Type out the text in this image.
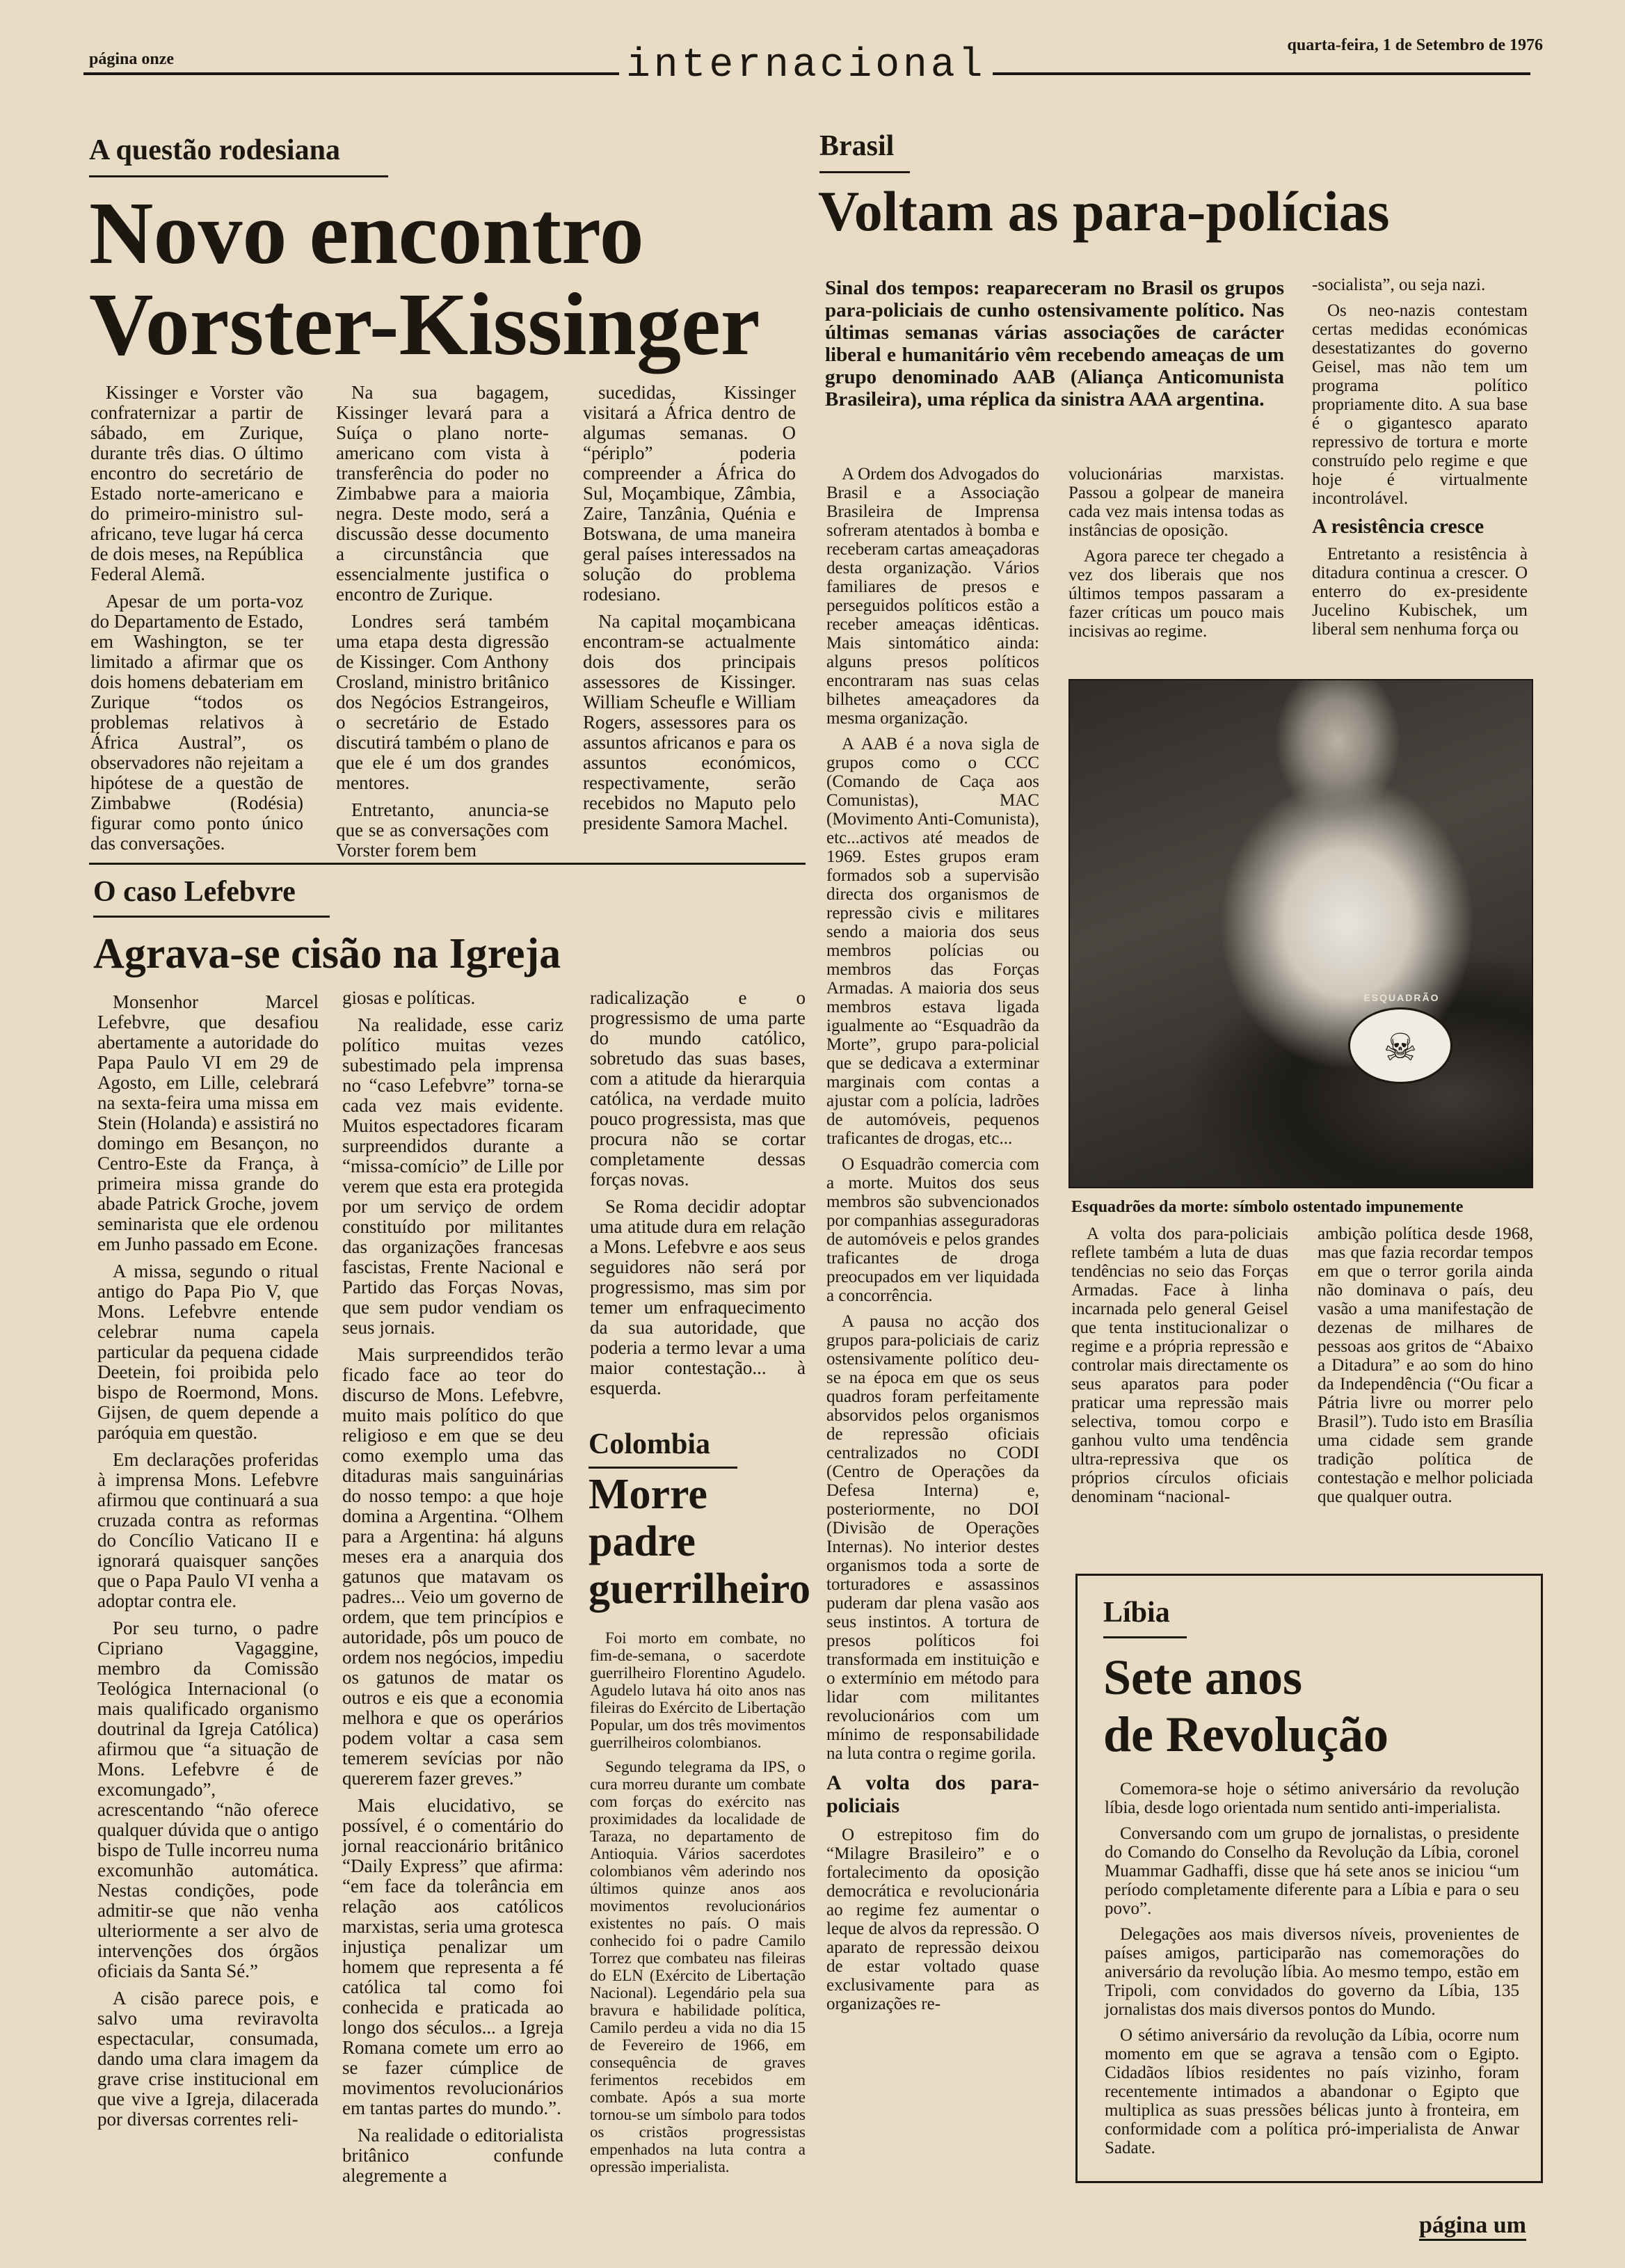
página onze	internacional	quarta-feira, 1 de Setembro de 1976
A questão rodesiana
Novo encontro
Vorster-Kissinger

Kissinger e Vorster vão confraternizar a partir de sábado, em Zurique, durante três dias. O último encontro do secretário de Estado norte-americano e do primeiro-ministro sul-africano, teve lugar há cerca de dois meses, na República Federal Alemã.

Apesar de um porta-voz do Departamento de Estado, em Washington, se ter limitado a afirmar que os dois homens debateriam em Zurique “todos os problemas relativos à África Austral”, os observadores não rejeitam a hipótese de a questão de Zimbabwe (Rodésia) figurar como ponto único das conversações.

Na sua bagagem, Kissinger levará para a Suíça o plano norte-americano com vista à transferência do poder no Zimbabwe para a maioria negra. Deste modo, será a discussão desse documento a circunstância que essencialmente justifica o encontro de Zurique.

Londres será também uma etapa desta digressão de Kissinger. Com Anthony Crosland, ministro britânico dos Negócios Estrangeiros, o secretário de Estado discutirá também o plano de que ele é um dos grandes mentores.

Entretanto, anuncia-se que se as conversações com Vorster forem bem

sucedidas, Kissinger visitará a África dentro de algumas semanas. O “périplo” poderia compreender a África do Sul, Moçambique, Zâmbia, Zaire, Tanzânia, Quénia e Botswana, de uma maneira geral países interessados na solução do problema rodesiano.

Na capital moçambicana encontram-se actualmente dois dos principais assessores de Kissinger. William Scheufle e William Rogers, assessores para os assuntos africanos e para os assuntos económicos, respectivamente, serão recebidos no Maputo pelo presidente Samora Machel.

O caso Lefebvre
Agrava-se cisão na Igreja

Monsenhor Marcel Lefebvre, que desafiou abertamente a autoridade do Papa Paulo VI em 29 de Agosto, em Lille, celebrará na sexta-feira uma missa em Stein (Holanda) e assistirá no domingo em Besançon, no Centro-Este da França, à primeira missa grande do abade Patrick Groche, jovem seminarista que ele ordenou em Junho passado em Econe.

A missa, segundo o ritual antigo do Papa Pio V, que Mons. Lefebvre entende celebrar numa capela particular da pequena cidade Deetein, foi proibida pelo bispo de Roermond, Mons. Gijsen, de quem depende a paróquia em questão.

Em declarações proferidas à imprensa Mons. Lefebvre afirmou que continuará a sua cruzada contra as reformas do Concílio Vaticano II e ignorará quaisquer sanções que o Papa Paulo VI venha a adoptar contra ele.

Por seu turno, o padre Cipriano Vagaggine, membro da Comissão Teológica Internacional (o mais qualificado organismo doutrinal da Igreja Católica) afirmou que “a situação de Mons. Lefebvre é de excomungado”, acrescentando “não oferece qualquer dúvida que o antigo bispo de Tulle incorreu numa excomunhão automática. Nestas condições, pode admitir-se que não venha ulteriormente a ser alvo de intervenções dos órgãos oficiais da Santa Sé.”

A cisão parece pois, e salvo uma reviravolta espectacular, consumada, dando uma clara imagem da grave crise institucional em que vive a Igreja, dilacerada por diversas correntes reli-

giosas e políticas.

Na realidade, esse cariz político muitas vezes subestimado pela imprensa no “caso Lefebvre” torna-se cada vez mais evidente. Muitos espectadores ficaram surpreendidos durante a “missa-comício” de Lille por verem que esta era protegida por um serviço de ordem constituído por militantes das organizações francesas fascistas, Frente Nacional e Partido das Forças Novas, que sem pudor vendiam os seus jornais.

Mais surpreendidos terão ficado face ao teor do discurso de Mons. Lefebvre, muito mais político do que religioso e em que se deu como exemplo uma das ditaduras mais sanguinárias do nosso tempo: a que hoje domina a Argentina. “Olhem para a Argentina: há alguns meses era a anarquia dos gatunos que matavam os padres... Veio um governo de ordem, que tem princípios e autoridade, pôs um pouco de ordem nos negócios, impediu os gatunos de matar os outros e eis que a economia melhora e que os operários podem voltar a casa sem temerem sevícias por não quererem fazer greves.”

Mais elucidativo, se possível, é o comentário do jornal reaccionário britânico “Daily Express” que afirma: “em face da tolerância em relação aos católicos marxistas, seria uma grotesca injustiça penalizar um homem que representa a fé católica tal como foi conhecida e praticada ao longo dos séculos... a Igreja Romana comete um erro ao se fazer cúmplice de movimentos revolucionários em tantas partes do mundo.”.

Na realidade o editorialista britânico confunde alegremente a

radicalização e o progressismo de uma parte do mundo católico, sobretudo das suas bases, com a atitude da hierarquia católica, na verdade muito pouco progressista, mas que procura não se cortar completamente dessas forças novas.

Se Roma decidir adoptar uma atitude dura em relação a Mons. Lefebvre e aos seus seguidores não será por progressismo, mas sim por temer um enfraquecimento da sua autoridade, que poderia a termo levar a uma maior contestação... à esquerda.

Colombia
Morre
padre
guerrilheiro

Foi morto em combate, no fim-de-semana, o sacerdote guerrilheiro Florentino Agudelo. Agudelo lutava há oito anos nas fileiras do Exército de Libertação Popular, um dos três movimentos guerrilheiros colombianos.

Segundo telegrama da IPS, o cura morreu durante um combate com forças do exército nas proximidades da localidade de Taraza, no departamento de Antioquia. Vários sacerdotes colombianos vêm aderindo nos últimos quinze anos aos movimentos revolucionários existentes no país. O mais conhecido foi o padre Camilo Torrez que combateu nas fileiras do ELN (Exército de Libertação Nacional). Legendário pela sua bravura e habilidade política, Camilo perdeu a vida no dia 15 de Fevereiro de 1966, em consequência de graves ferimentos recebidos em combate. Após a sua morte tornou-se um símbolo para todos os cristãos progressistas empenhados na luta contra a opressão imperialista.

Brasil
Voltam as para-polícias
Sinal dos tempos: reapareceram no Brasil os grupos para-policiais de cunho ostensivamente político. Nas últimas semanas várias associações de carácter liberal e humanitário vêm recebendo ameaças de um grupo denominado AAB (Aliança Anticomunista Brasileira), uma réplica da sinistra AAA argentina.

A Ordem dos Advogados do Brasil e a Associação Brasileira de Imprensa sofreram atentados à bomba e receberam cartas ameaçadoras desta organização. Vários familiares de presos e perseguidos políticos estão a receber ameaças idênticas. Mais sintomático ainda: alguns presos políticos encontraram nas suas celas bilhetes ameaçadores da mesma organização.

A AAB é a nova sigla de grupos como o CCC (Comando de Caça aos Comunistas), MAC (Movimento Anti-Comunista), etc...activos até meados de 1969. Estes grupos eram formados sob a supervisão directa dos organismos de repressão civis e militares sendo a maioria dos seus membros polícias ou membros das Forças Armadas. A maioria dos seus membros estava ligada igualmente ao “Esquadrão da Morte”, grupo para-policial que se dedicava a exterminar marginais com contas a ajustar com a polícia, ladrões de automóveis, pequenos traficantes de drogas, etc...

O Esquadrão comercia com a morte. Muitos dos seus membros são subvencionados por companhias asseguradoras de automóveis e pelos grandes traficantes de droga preocupados em ver liquidada a concorrência.

A pausa no acção dos grupos para-policiais de cariz ostensivamente político deu-se na época em que os seus quadros foram perfeitamente absorvidos pelos organismos de repressão oficiais centralizados no CODI (Centro de Operações da Defesa Interna) e, posteriormente, no DOI (Divisão de Operações Internas). No interior destes organismos toda a sorte de torturadores e assassinos puderam dar plena vasão aos seus instintos. A tortura de presos políticos foi transformada em instituição e o extermínio em método para lidar com militantes revolucionários com um mínimo de responsabilidade na luta contra o regime gorila.

A volta dos para-policiais

O estrepitoso fim do “Milagre Brasileiro” e o fortalecimento da oposição democrática e revolucionária ao regime fez aumentar o leque de alvos da repressão. O aparato de repressão deixou de estar voltado quase exclusivamente para as organizações re-

volucionárias marxistas. Passou a golpear de maneira cada vez mais intensa todas as instâncias de oposição.

Agora parece ter chegado a vez dos liberais que nos últimos tempos passaram a fazer críticas um pouco mais incisivas ao regime.

-socialista”, ou seja nazi.

Os neo-nazis contestam certas medidas económicas desestatizantes do governo Geisel, mas não tem um programa político propriamente dito. A sua base é o gigantesco aparato repressivo de tortura e morte construído pelo regime e que hoje é virtualmente incontrolável.

A resistência cresce

Entretanto a resistência à ditadura continua a crescer. O enterro do ex-presidente Jucelino Kubischek, um liberal sem nenhuma força ou

☠
ESQUADRÃO
Esquadrões da morte: símbolo ostentado impunemente

A volta dos para-policiais reflete também a luta de duas tendências no seio das Forças Armadas. Face à linha incarnada pelo general Geisel que tenta institucionalizar o regime e a própria repressão e controlar mais directamente os seus aparatos para poder praticar uma repressão mais selectiva, tomou corpo e ganhou vulto uma tendência ultra-repressiva que os próprios círculos oficiais denominam “nacional-

ambição política desde 1968, mas que fazia recordar tempos em que o terror gorila ainda não dominava o país, deu vasão a uma manifestação de dezenas de milhares de pessoas aos gritos de “Abaixo a Ditadura” e ao som do hino da Independência (“Ou ficar a Pátria livre ou morrer pelo Brasil”). Tudo isto em Brasília uma cidade sem grande tradição política de contestação e melhor policiada que qualquer outra.

Líbia
Sete anos
de Revolução

Comemora-se hoje o sétimo aniversário da revolução líbia, desde logo orientada num sentido anti-imperialista.

Conversando com um grupo de jornalistas, o presidente do Comando do Conselho da Revolução da Líbia, coronel Muammar Gadhaffi, disse que há sete anos se iniciou “um período completamente diferente para a Líbia e para o seu povo”.

Delegações aos mais diversos níveis, provenientes de países amigos, participarão nas comemorações do aniversário da revolução líbia. Ao mesmo tempo, estão em Tripoli, com convidados do governo da Líbia, 135 jornalistas dos mais diversos pontos do Mundo.

O sétimo aniversário da revolução da Líbia, ocorre num momento em que se agrava a tensão com o Egipto. Cidadãos líbios residentes no país vizinho, foram recentemente intimados a abandonar o Egipto que multiplica as suas pressões bélicas junto à fronteira, em conformidade com a política pró-imperialista de Anwar Sadate.

página um
